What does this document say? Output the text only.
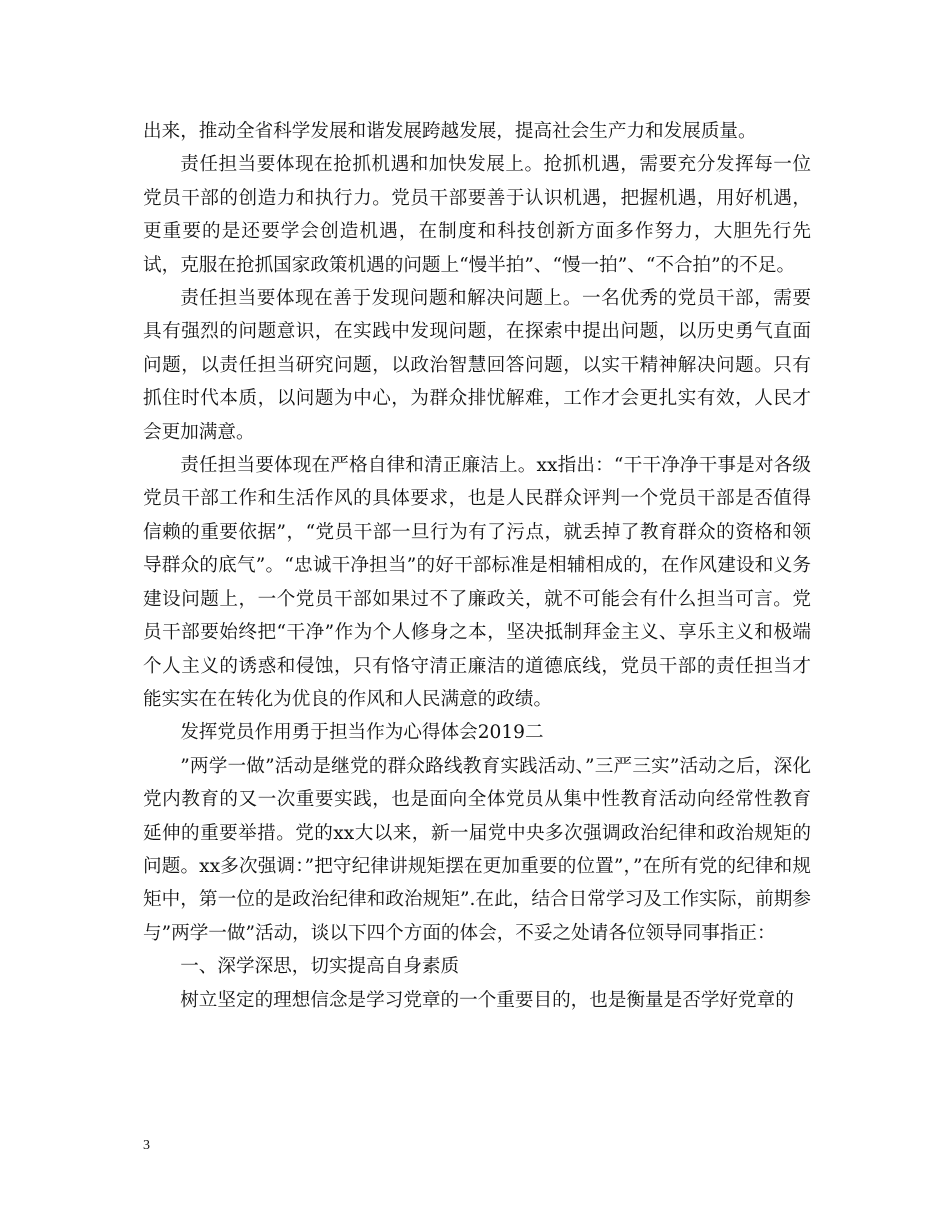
出来，推动全省科学发展和谐发展跨越发展，提高社会生产力和发展质量。

责任担当要体现在抢抓机遇和加快发展上。抢抓机遇，需要充分发挥每一位党员干部的创造力和执行力。党员干部要善于认识机遇，把握机遇，用好机遇，更重要的是还要学会创造机遇，在制度和科技创新方面多作努力，大胆先行先试，克服在抢抓国家政策机遇的问题上“慢半拍”、“慢一拍”、“不合拍”的不足。

责任担当要体现在善于发现问题和解决问题上。一名优秀的党员干部，需要具有强烈的问题意识，在实践中发现问题，在探索中提出问题，以历史勇气直面问题，以责任担当研究问题，以政治智慧回答问题，以实干精神解决问题。只有抓住时代本质，以问题为中心，为群众排忧解难，工作才会更扎实有效，人民才会更加满意。

责任担当要体现在严格自律和清正廉洁上。xx指出：“干干净净干事是对各级党员干部工作和生活作风的具体要求，也是人民群众评判一个党员干部是否值得信赖的重要依据”，“党员干部一旦行为有了污点，就丢掉了教育群众的资格和领导群众的底气”。“忠诚干净担当”的好干部标准是相辅相成的，在作风建设和义务建设问题上，一个党员干部如果过不了廉政关，就不可能会有什么担当可言。党员干部要始终把“干净”作为个人修身之本，坚决抵制拜金主义、享乐主义和极端个人主义的诱惑和侵蚀，只有恪守清正廉洁的道德底线，党员干部的责任担当才能实实在在转化为优良的作风和人民满意的政绩。

发挥党员作用勇于担当作为心得体会2019二

”两学一做”活动是继党的群众路线教育实践活动、”三严三实”活动之后，深化党内教育的又一次重要实践，也是面向全体党员从集中性教育活动向经常性教育延伸的重要举措。党的xx大以来，新一届党中央多次强调政治纪律和政治规矩的问题。xx多次强调：”把守纪律讲规矩摆在更加重要的位置”，”在所有党的纪律和规矩中，第一位的是政治纪律和政治规矩”.在此，结合日常学习及工作实际，前期参与”两学一做”活动，谈以下四个方面的体会，不妥之处请各位领导同事指正：

一、深学深思，切实提高自身素质

树立坚定的理想信念是学习党章的一个重要目的，也是衡量是否学好党章的

3
